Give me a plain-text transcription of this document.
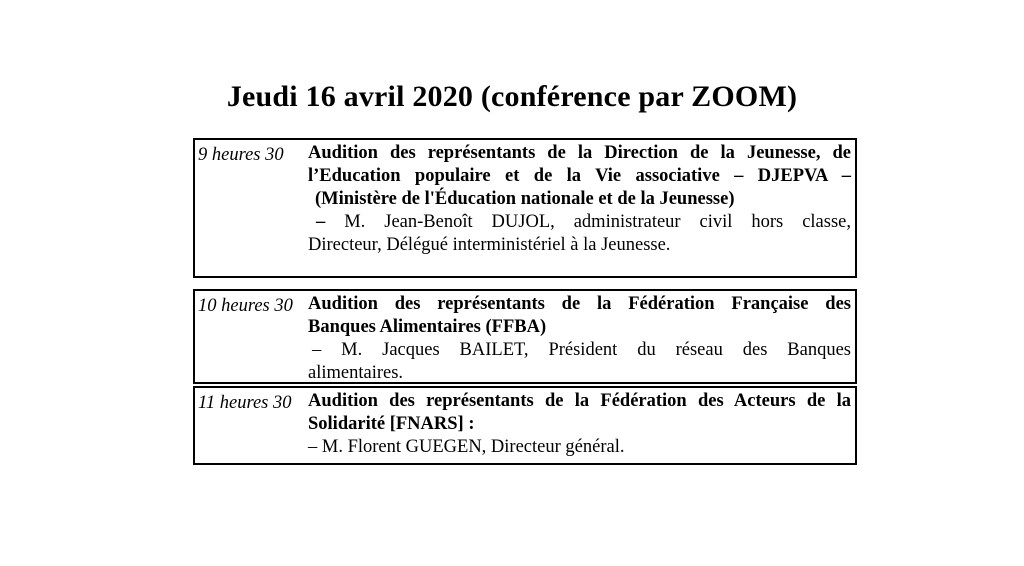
Jeudi 16 avril 2020 (conférence par ZOOM)
9 heures 30	Audition des représentants de la Direction de la Jeunesse, de
l’Education populaire et de la Vie associative – DJEPVA –
(Ministère de l'Éducation nationale et de la Jeunesse)
– M. Jean-Benoît DUJOL, administrateur civil hors classe,
Directeur, Délégué interministériel à la Jeunesse.
10 heures 30 Audition des représentants de la Fédération Française des
Banques Alimentaires (FFBA)
– M. Jacques BAILET, Président du réseau des Banques
alimentaires.
11 heures 30 Audition des représentants de la Fédération des Acteurs de la
Solidarité [FNARS] :
– M. Florent GUEGEN, Directeur général.
